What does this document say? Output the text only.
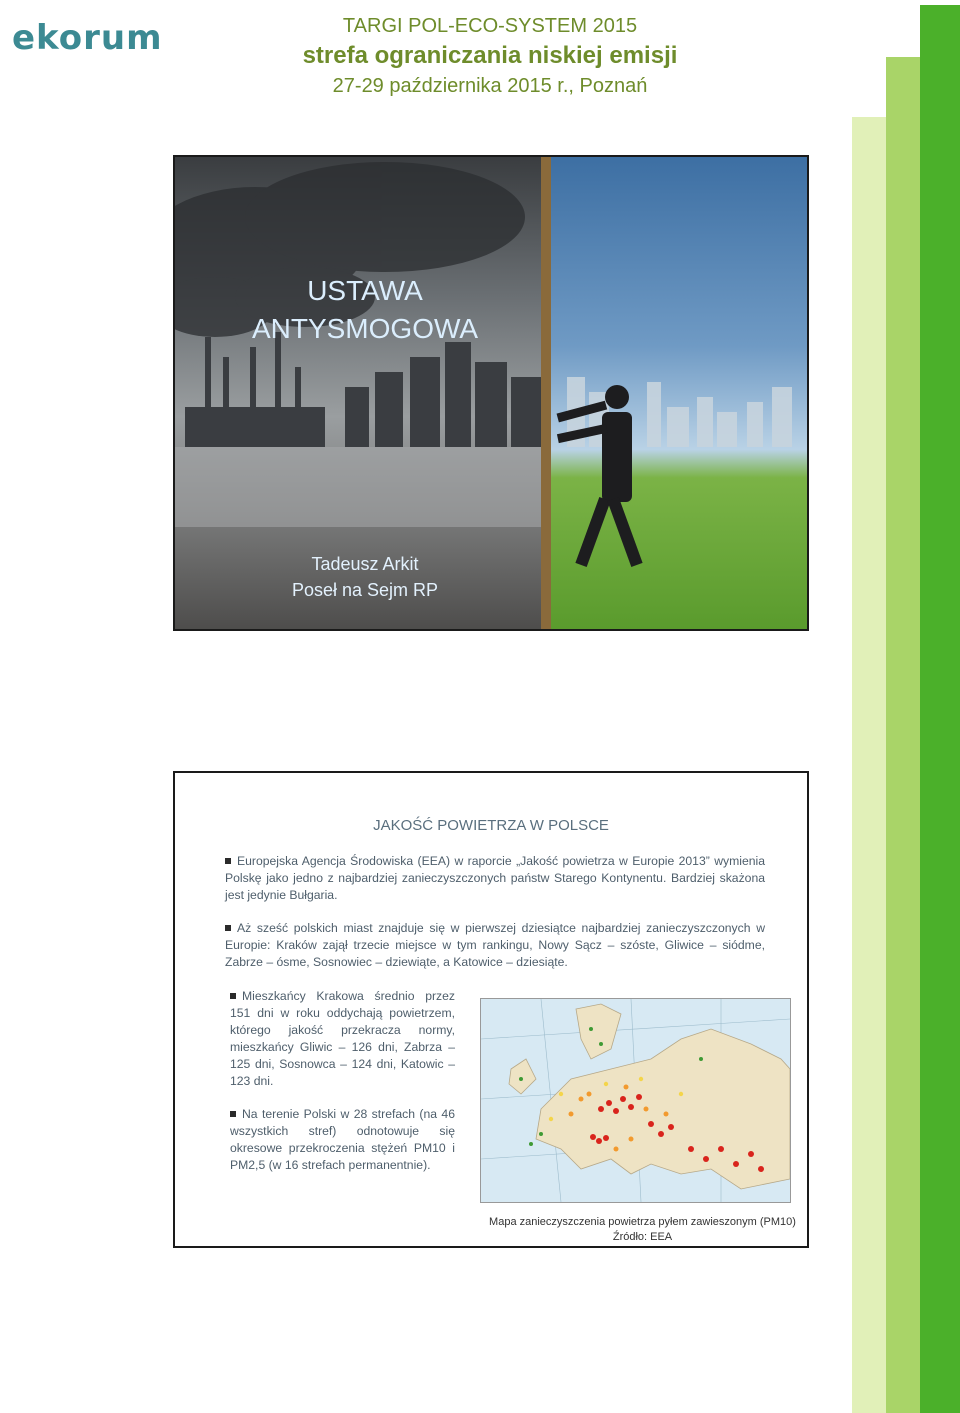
ekorum	TARGI POL-ECO-SYSTEM 2015
strefa ograniczania niskiej emisji
27-29 października 2015 r., Poznań
USTAWA
ANTYSMOGOWA
Tadeusz Arkit
Poseł na Sejm RP
JAKOŚĆ POWIETRZA W POLSCE
Europejska Agencja Środowiska (EEA) w raporcie „Jakość powietrza w Europie 2013” wymienia Polskę jako jedno z najbardziej zanieczyszczonych państw Starego Kontynentu. Bardziej skażona jest jedynie Bułgaria.
Aż sześć polskich miast znajduje się w pierwszej dziesiątce najbardziej zanieczyszczonych w Europie: Kraków zajął trzecie miejsce w tym rankingu, Nowy Sącz – szóste, Gliwice – siódme, Zabrze – ósme, Sosnowiec – dziewiąte, a Katowice – dziesiąte.
Mieszkańcy Krakowa średnio przez 151 dni w roku oddychają powietrzem, którego jakość przekracza normy, mieszkańcy Gliwic – 126 dni, Zabrza – 125 dni, Sosnowca – 124 dni, Katowic – 123 dni.
Na terenie Polski w 28 strefach (na 46 wszystkich stref) odnotowuje się okresowe przekroczenia stężeń PM10 i PM2,5 (w 16 strefach permanentnie).
Mapa zanieczyszczenia powietrza pyłem zawieszonym (PM10)
Źródło: EEA
